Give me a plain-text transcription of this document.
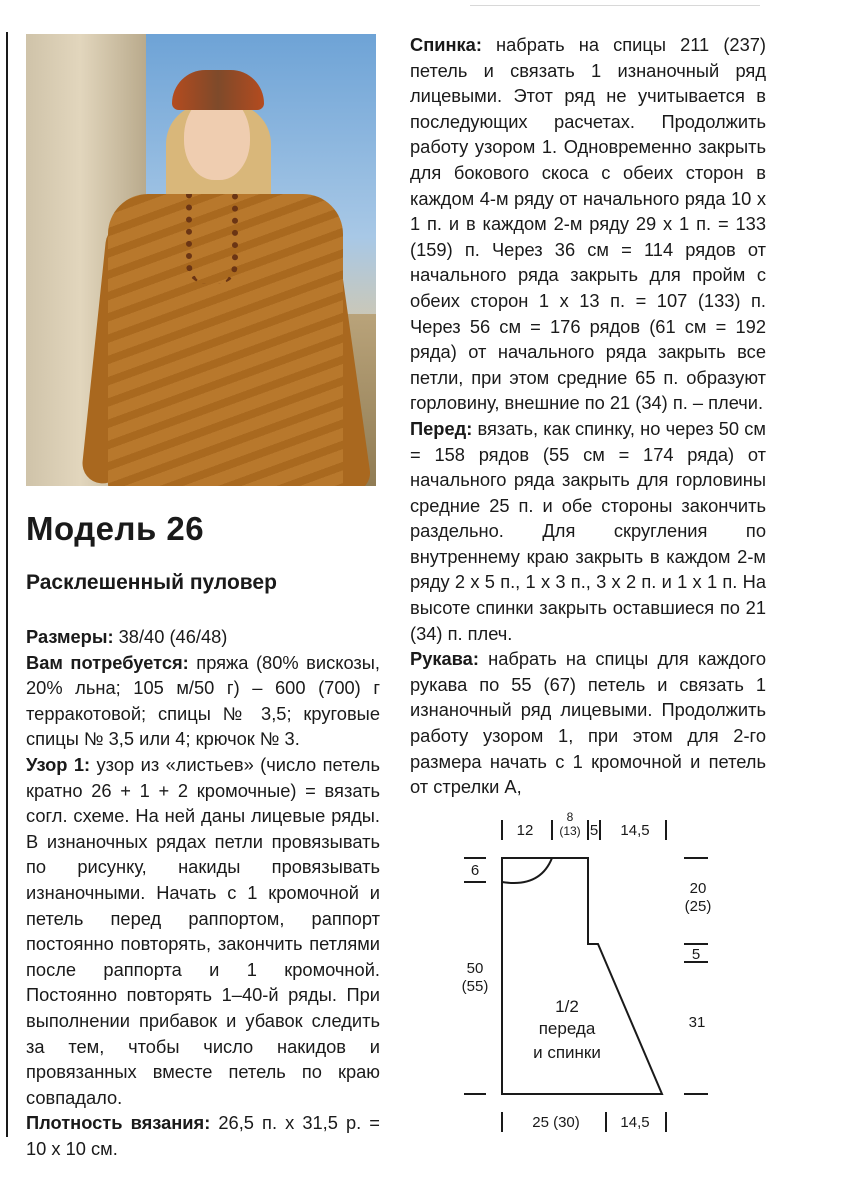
Модель 26
Расклешенный пуловер

Размеры: 38/40 (46/48)

Вам потребуется: пряжа (80% вискозы, 20% льна; 105 м/50 г) – 600 (700) г терракотовой; спицы № 3,5; круговые спицы № 3,5 или 4; крючок № 3.

Узор 1: узор из «листьев» (число петель кратно 26 + 1 + 2 кромочные) = вязать согл. схеме. На ней даны лицевые ряды. В изнаночных рядах петли провязывать по рисунку, накиды провязывать изнаночными. Начать с 1 кромочной и петель перед раппортом, раппорт постоянно повторять, закончить петлями после раппорта и 1 кромочной. Постоянно повторять 1–40-й ряды. При выполнении прибавок и убавок следить за тем, чтобы число накидов и провязанных вместе петель по краю совпадало.

Плотность вязания: 26,5 п. х 31,5 р. = 10 х 10 см.

Спинка: набрать на спицы 211 (237) петель и связать 1 изнаночный ряд лицевыми. Этот ряд не учитывается в последующих расчетах. Продолжить работу узором 1. Одновременно закрыть для бокового скоса с обеих сторон в каждом 4-м ряду от начального ряда 10 х 1 п. и в каждом 2-м ряду 29 х 1 п. = 133 (159) п. Через 36 см = 114 рядов от начального ряда закрыть для пройм с обеих сторон 1 х 13 п. = 107 (133) п. Через 56 см = 176 рядов (61 см = 192 ряда) от начального ряда закрыть все петли, при этом средние 65 п. образуют горловину, внешние по 21 (34) п. – плечи.

Перед: вязать, как спинку, но через 50 см = 158 рядов (55 см = 174 ряда) от начального ряда закрыть для горловины средние 25 п. и обе стороны закончить раздельно. Для скругления по внутреннему краю закрыть в каждом 2-м ряду 2 х 5 п., 1 х 3 п., 3 х 2 п. и 1 х 1 п. На высоте спинки закрыть оставшиеся по 21 (34) п. плеч.

Рукава: набрать на спицы для каждого рукава по 55 (67) петель и связать 1 изнаночный ряд лицевыми. Продолжить работу узором 1, при этом для 2-го размера начать с 1 кромочной и петель от стрелки А,

12
8
(13) 5	14,5
6
20
(25)
5
50
(55)
31
1/2
переда
и спинки
25 (30)	14,5
